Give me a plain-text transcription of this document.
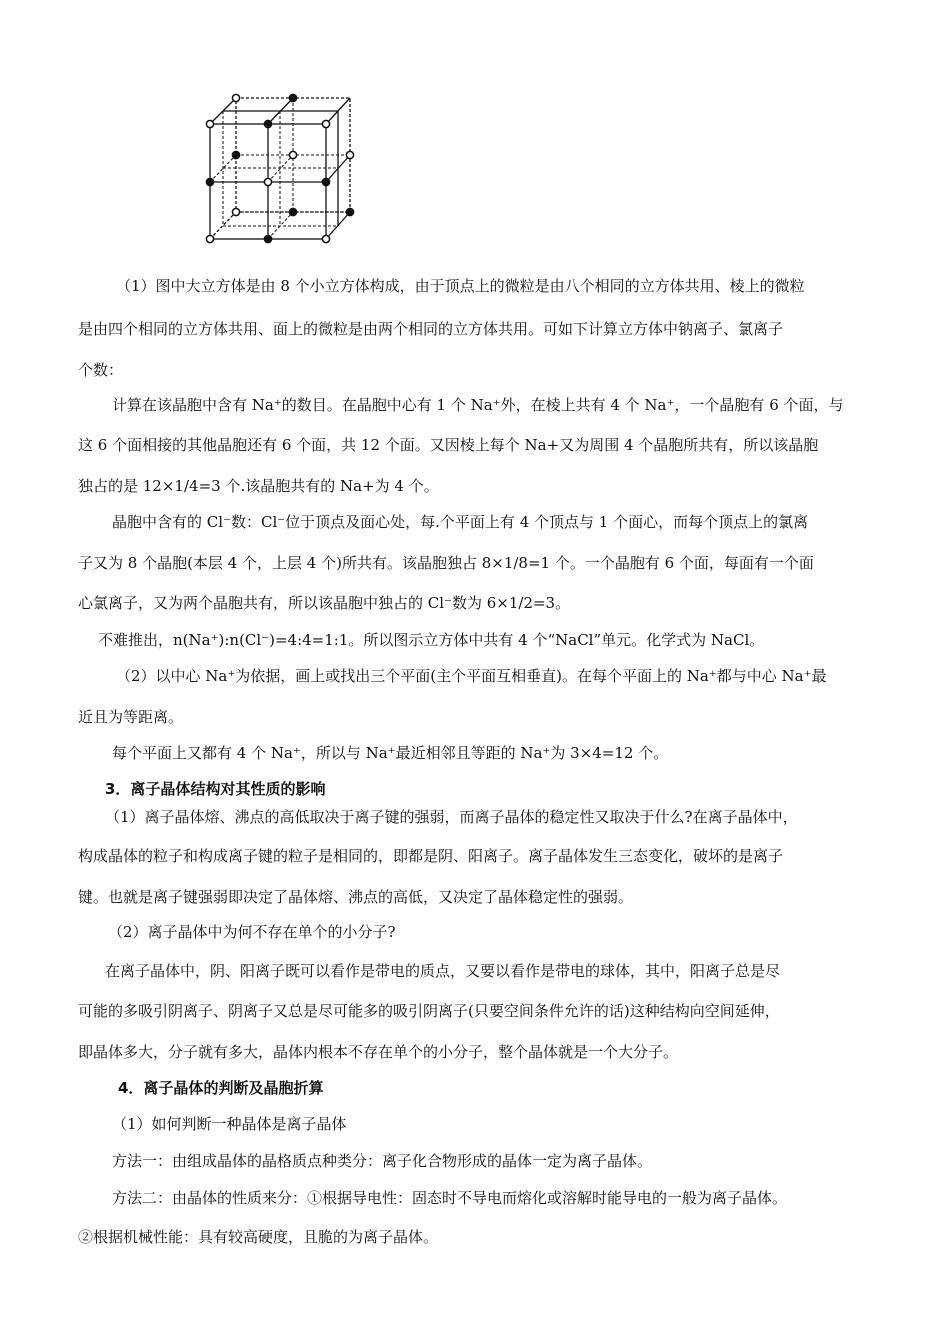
（1）图中大立方体是由 8 个小立方体构成，由于顶点上的微粒是由八个相同的立方体共用、棱上的微粒
是由四个相同的立方体共用、面上的微粒是由两个相同的立方体共用。可如下计算立方体中钠离子、氯离子
个数：
计算在该晶胞中含有 Na⁺的数目。在晶胞中心有 1 个 Na⁺外，在棱上共有 4 个 Na⁺，一个晶胞有 6 个面，与
这 6 个面相接的其他晶胞还有 6 个面，共 12 个面。又因棱上每个 Na+又为周围 4 个晶胞所共有，所以该晶胞
独占的是 12×1/4=3 个.该晶胞共有的 Na+为 4 个。
晶胞中含有的 Cl⁻数：Cl⁻位于顶点及面心处，每.个平面上有 4 个顶点与 1 个面心，而每个顶点上的氯离
子又为 8 个晶胞(本层 4 个，上层 4 个)所共有。该晶胞独占 8×1/8=1 个。一个晶胞有 6 个面，每面有一个面
心氯离子，又为两个晶胞共有，所以该晶胞中独占的 Cl⁻数为 6×1/2=3。
不难推出，n(Na⁺):n(Cl⁻)=4:4=1:1。所以图示立方体中共有 4 个“NaCl”单元。化学式为 NaCl。
（2）以中心 Na⁺为依据，画上或找出三个平面(主个平面互相垂直)。在每个平面上的 Na⁺都与中心 Na⁺最
近且为等距离。
每个平面上又都有 4 个 Na⁺，所以与 Na⁺最近相邻且等距的 Na⁺为 3×4=12 个。
3．离子晶体结构对其性质的影响
（1）离子晶体熔、沸点的高低取决于离子键的强弱，而离子晶体的稳定性又取决于什么?在离子晶体中，
构成晶体的粒子和构成离子键的粒子是相同的，即都是阴、阳离子。离子晶体发生三态变化，破坏的是离子
键。也就是离子键强弱即决定了晶体熔、沸点的高低，又决定了晶体稳定性的强弱。
（2）离子晶体中为何不存在单个的小分子?
在离子晶体中，阴、阳离子既可以看作是带电的质点，又要以看作是带电的球体，其中，阳离子总是尽
可能的多吸引阴离子、阴离子又总是尽可能多的吸引阴离子(只要空间条件允许的话)这种结构向空间延伸，
即晶体多大，分子就有多大，晶体内根本不存在单个的小分子，整个晶体就是一个大分子。
4．离子晶体的判断及晶胞折算
（1）如何判断一种晶体是离子晶体
方法一：由组成晶体的晶格质点种类分：离子化合物形成的晶体一定为离子晶体。
方法二：由晶体的性质来分：①根据导电性：固态时不导电而熔化或溶解时能导电的一般为离子晶体。
②根据机械性能：具有较高硬度，且脆的为离子晶体。
